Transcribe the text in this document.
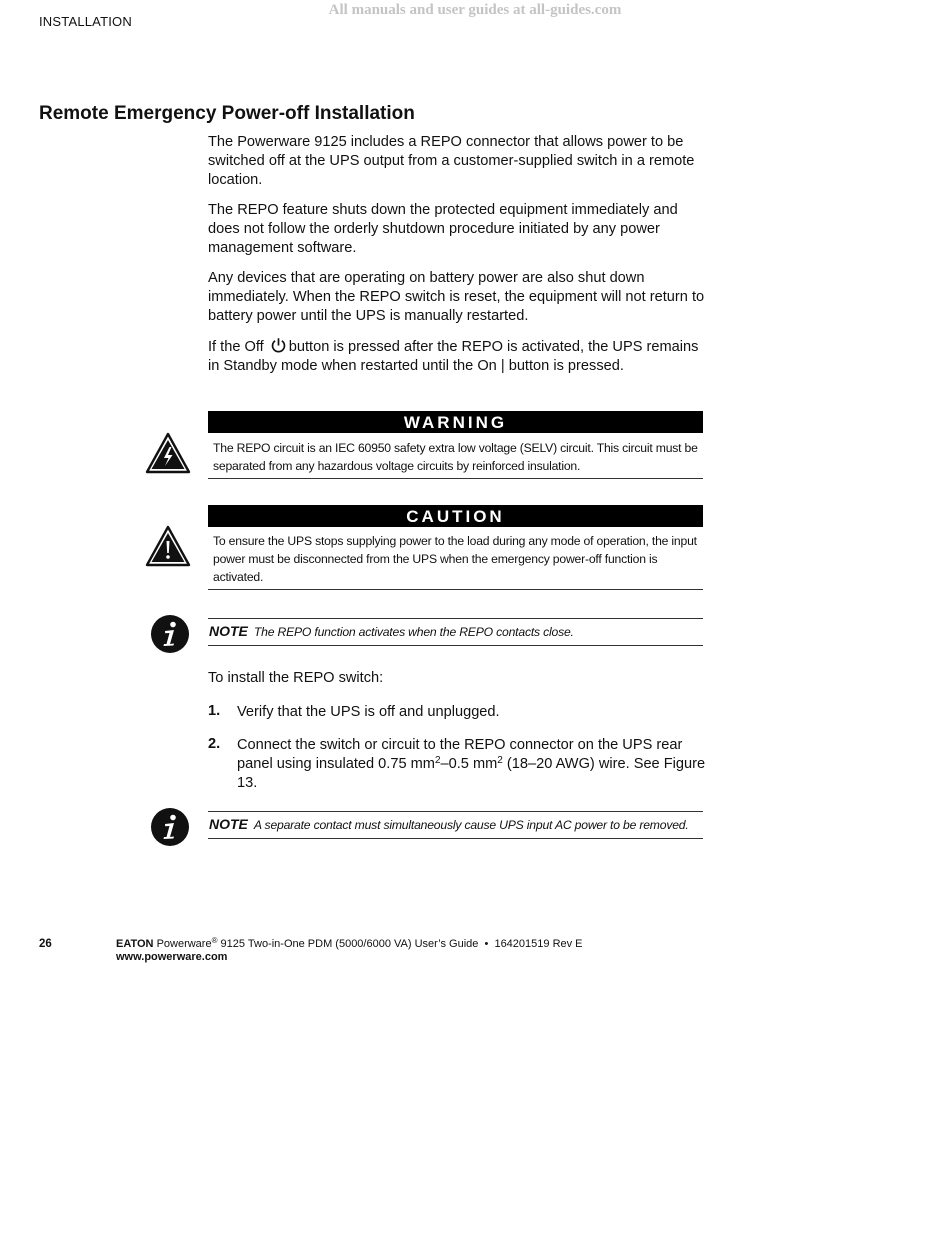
All manuals and user guides at all-guides.com
INSTALLATION
Remote Emergency Power-off Installation

The Powerware 9125 includes a REPO connector that allows power to be switched off at the UPS output from a customer-supplied switch in a remote location.

The REPO feature shuts down the protected equipment immediately and does not follow the orderly shutdown procedure initiated by any power management software.

Any devices that are operating on battery power are also shut down immediately. When the REPO switch is reset, the equipment will not return to battery power until the UPS is manually restarted.

If the Off button is pressed after the REPO is activated, the UPS remains in Standby mode when restarted until the On | button is pressed.

WARNING
The REPO circuit is an IEC 60950 safety extra low voltage (SELV) circuit. This circuit must be separated from any hazardous voltage circuits by reinforced insulation.
CAUTION
To ensure the UPS stops supplying power to the load during any mode of operation, the input power must be disconnected from the UPS when the emergency power-off function is activated.
NOTE The REPO function activates when the REPO contacts close.
To install the REPO switch:
1. Verify that the UPS is off and unplugged.
2. Connect the switch or circuit to the REPO connector on the UPS rear panel using insulated 0.75 $mm^2-0.5$ $mm^2$ (18–20 AWG) wire. See Figure 13.
NOTE A separate contact must simultaneously cause UPS input AC power to be removed.
26	EATON Powerware® 9125 Two-in-One PDM (5000/6000 VA) User’s Guide  •  164201519 Rev E
www.powerware.com
